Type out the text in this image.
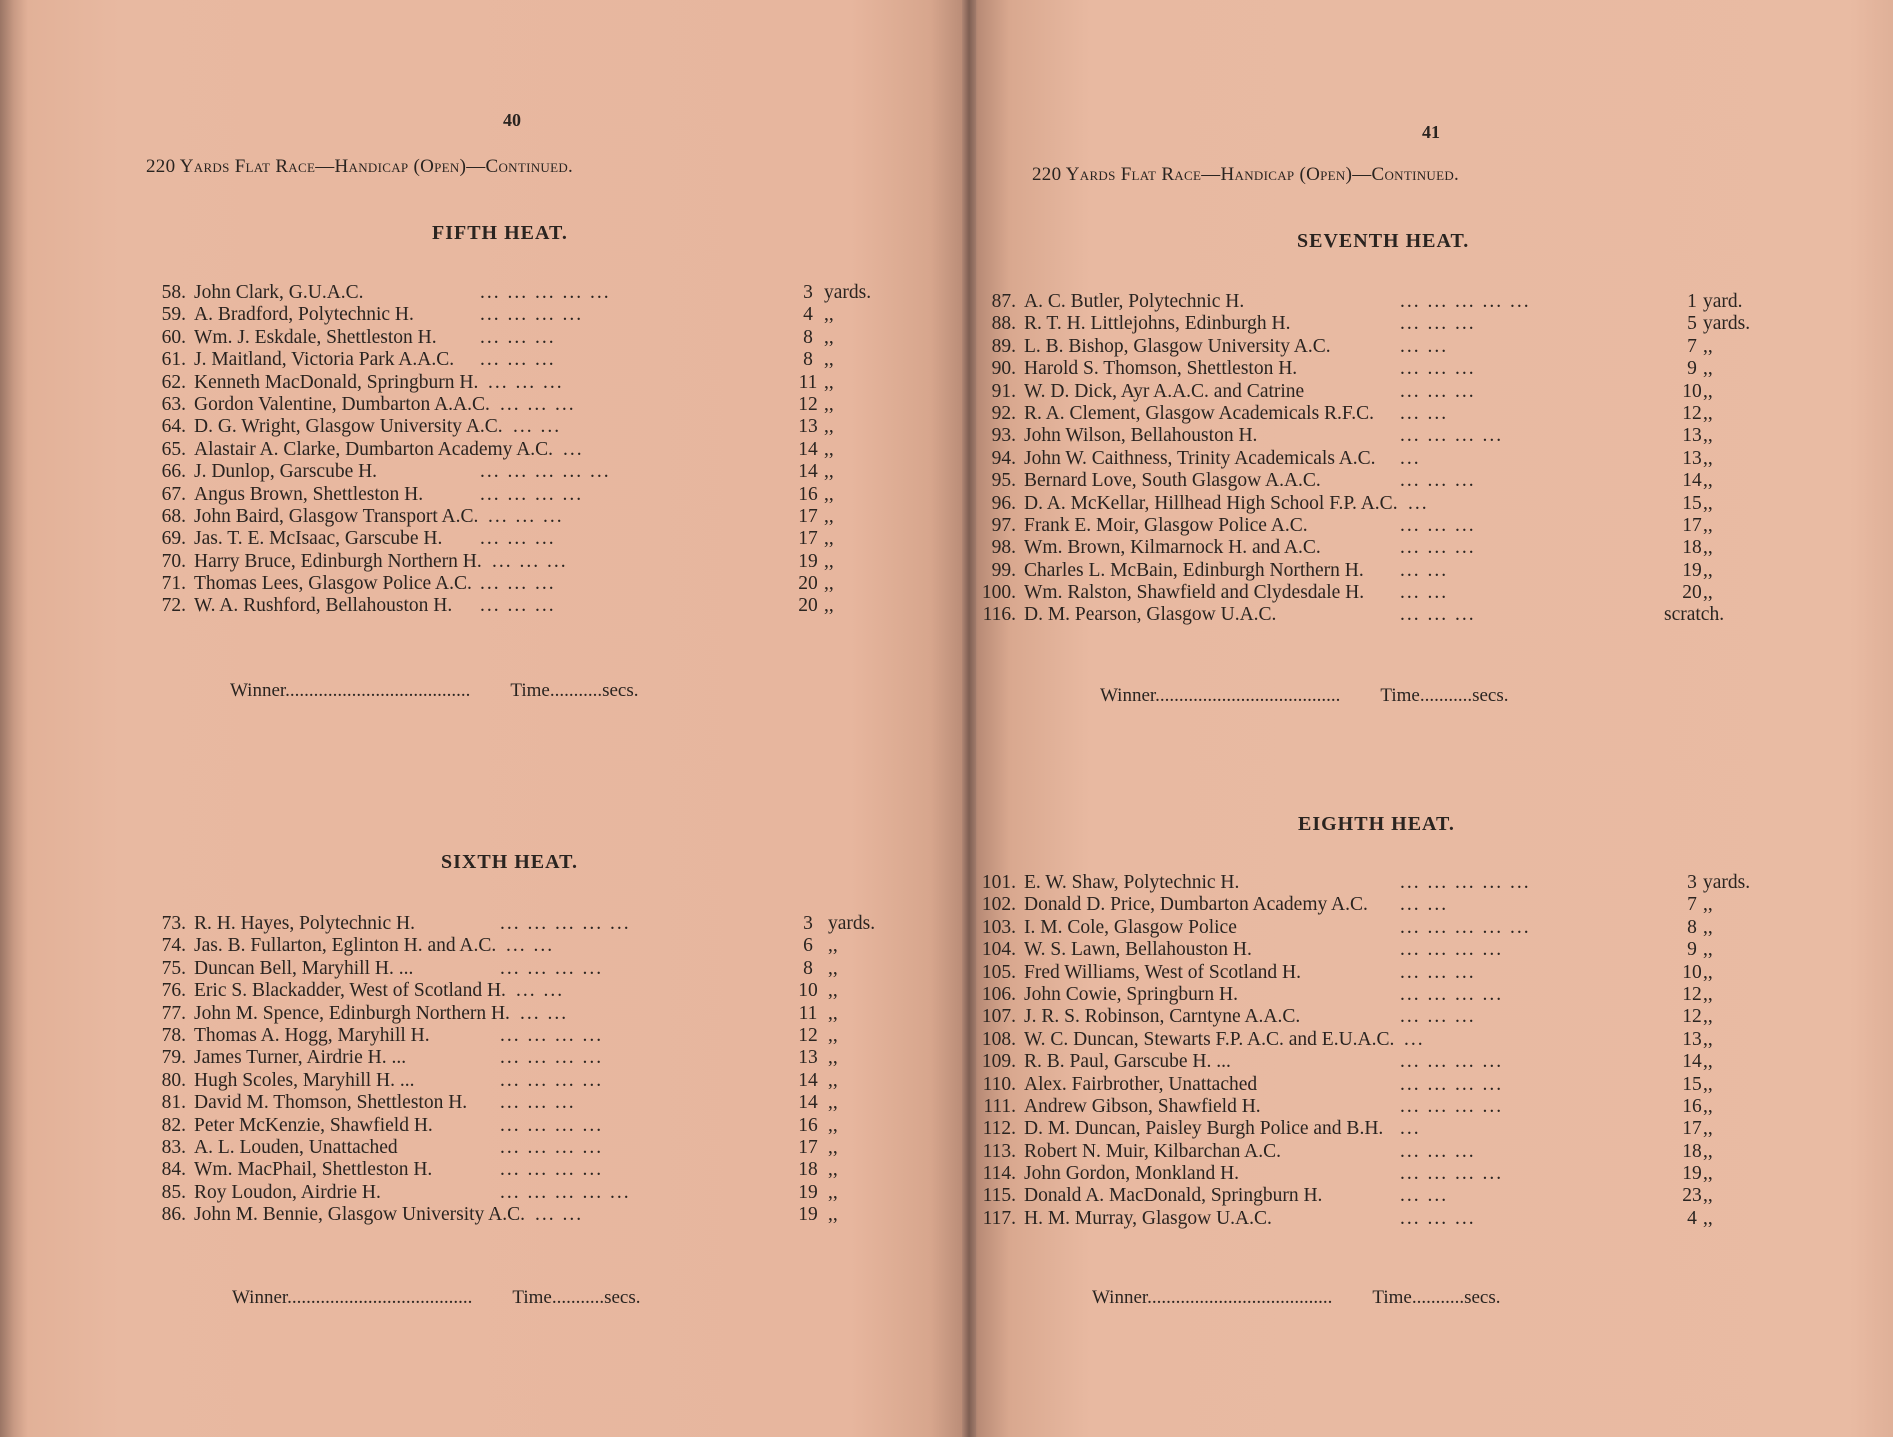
40
220 Yards Flat Race—Handicap (Open)—Continued.
FIFTH HEAT.
58. John Clark, G.U.A.C.	... ... ... ... ...	3 yards.
59. A. Bradford, Polytechnic H.	... ... ... ...	4 ,,
60. Wm. J. Eskdale, Shettleston H. ... ... ...	8 ,,
61. J. Maitland, Victoria Park A.A.C. ... ... ...	8 ,,
62. Kenneth MacDonald, Springburn H. ... ... ...	11 ,,
63. Gordon Valentine, Dumbarton A.A.C. ... ... ...	12 ,,
64. D. G. Wright, Glasgow University A.C. ... ...	13 ,,
65. Alastair A. Clarke, Dumbarton Academy A.C. ...	14 ,,
66. J. Dunlop, Garscube H.	... ... ... ... ...	14 ,,
67. Angus Brown, Shettleston H.	... ... ... ...	16 ,,
68. John Baird, Glasgow Transport A.C. ... ... ...	17 ,,
69. Jas. T. E. McIsaac, Garscube H. ... ... ...	17 ,,
70. Harry Bruce, Edinburgh Northern H. ... ... ...	19 ,,
71. Thomas Lees, Glasgow Police A.C. ... ... ...	20 ,,
72. W. A. Rushford, Bellahouston H. ... ... ...	20 ,,
Winner....................................... Time...........secs.
SIXTH HEAT.
73. R. H. Hayes, Polytechnic H.	... ... ... ... ...	3 yards.
74. Jas. B. Fullarton, Eglinton H. and A.C. ... ...	6 ,,
75. Duncan Bell, Maryhill H. ...	... ... ... ...	8 ,,
76. Eric S. Blackadder, West of Scotland H. ... ...	10 ,,
77. John M. Spence, Edinburgh Northern H. ... ...	11 ,,
78. Thomas A. Hogg, Maryhill H.	... ... ... ...	12 ,,
79. James Turner, Airdrie H. ...	... ... ... ...	13 ,,
80. Hugh Scoles, Maryhill H. ...	... ... ... ...	14 ,,
81. David M. Thomson, Shettleston H. ... ... ...	14 ,,
82. Peter McKenzie, Shawfield H.	... ... ... ...	16 ,,
83. A. L. Louden, Unattached	... ... ... ...	17 ,,
84. Wm. MacPhail, Shettleston H.	... ... ... ...	18 ,,
85. Roy Loudon, Airdrie H.	... ... ... ... ...	19 ,,
86. John M. Bennie, Glasgow University A.C. ... ...	19 ,,
Winner....................................... Time...........secs.
41
220 Yards Flat Race—Handicap (Open)—Continued.
SEVENTH HEAT.
87. A. C. Butler, Polytechnic H.	... ... ... ... ...	1 yard.
88. R. T. H. Littlejohns, Edinburgh H.	... ... ...	5 yards.
89. L. B. Bishop, Glasgow University A.C.	... ...	7 ,,
90. Harold S. Thomson, Shettleston H.	... ... ...	9 ,,
91. W. D. Dick, Ayr A.A.C. and Catrine	... ... ...	10 ,,
92. R. A. Clement, Glasgow Academicals R.F.C. ... ...	12 ,,
93. John Wilson, Bellahouston H.	... ... ... ...	13 ,,
94. John W. Caithness, Trinity Academicals A.C. ...	13 ,,
95. Bernard Love, South Glasgow A.A.C.	... ... ...	14 ,,
96. D. A. McKellar, Hillhead High School F.P. A.C. ...	15 ,,
97. Frank E. Moir, Glasgow Police A.C.	... ... ...	17 ,,
98. Wm. Brown, Kilmarnock H. and A.C.	... ... ...	18 ,,
99. Charles L. McBain, Edinburgh Northern H. ... ...	19 ,,
100. Wm. Ralston, Shawfield and Clydesdale H. ... ...	20 ,,
116. D. M. Pearson, Glasgow U.A.C.	... ... ...	scratch.
Winner....................................... Time...........secs.
EIGHTH HEAT.
101. E. W. Shaw, Polytechnic H.	... ... ... ... ...	3 yards.
102. Donald D. Price, Dumbarton Academy A.C. ... ...	7 ,,
103. I. M. Cole, Glasgow Police	... ... ... ... ...	8 ,,
104. W. S. Lawn, Bellahouston H.	... ... ... ...	9 ,,
105. Fred Williams, West of Scotland H.	... ... ...	10 ,,
106. John Cowie, Springburn H.	... ... ... ...	12 ,,
107. J. R. S. Robinson, Carntyne A.A.C.	... ... ...	12 ,,
108. W. C. Duncan, Stewarts F.P. A.C. and E.U.A.C. ...	13 ,,
109. R. B. Paul, Garscube H. ...	... ... ... ...	14 ,,
110. Alex. Fairbrother, Unattached	... ... ... ...	15 ,,
111. Andrew Gibson, Shawfield H.	... ... ... ...	16 ,,
112. D. M. Duncan, Paisley Burgh Police and B.H. ...	17 ,,
113. Robert N. Muir, Kilbarchan A.C.	... ... ...	18 ,,
114. John Gordon, Monkland H.	... ... ... ...	19 ,,
115. Donald A. MacDonald, Springburn H.	... ...	23 ,,
117. H. M. Murray, Glasgow U.A.C.	... ... ...	4 ,,
Winner....................................... Time...........secs.
